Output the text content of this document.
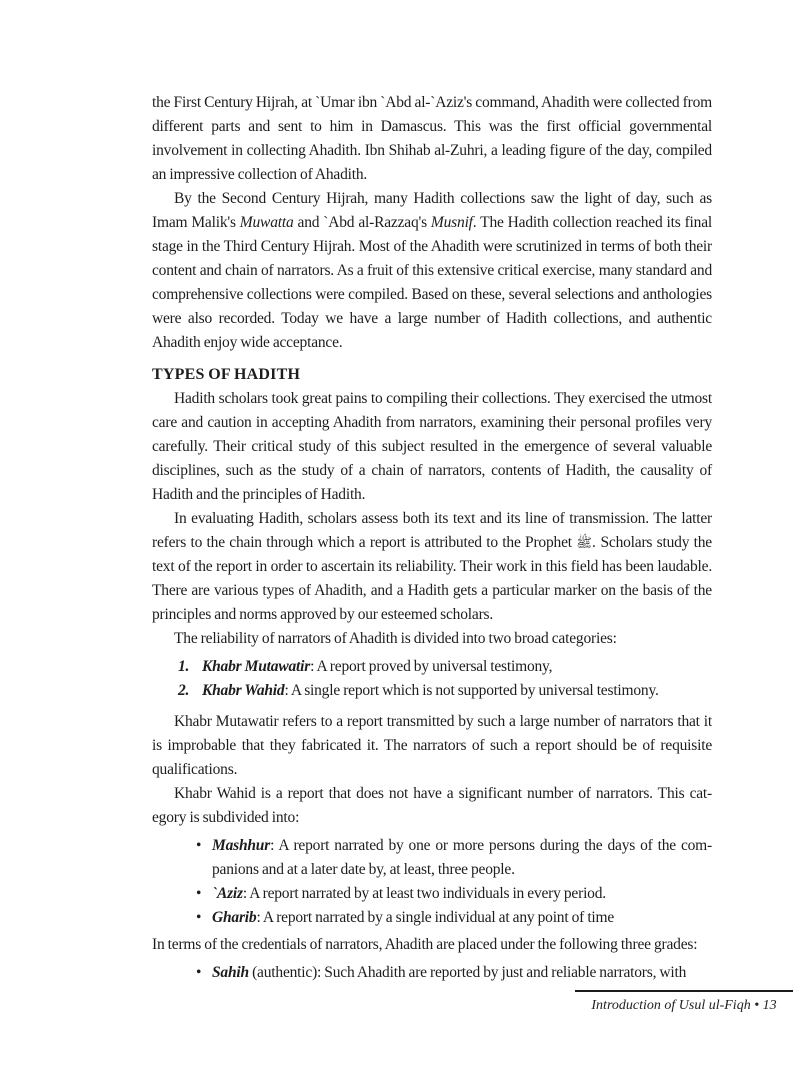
the First Century Hijrah, at `Umar ibn `Abd al-`Aziz's command, Ahadith were collected from different parts and sent to him in Damascus. This was the first official governmental involvement in collecting Ahadith. Ibn Shihab al-Zuhri, a leading figure of the day, compiled an impressive collection of Ahadith.

By the Second Century Hijrah, many Hadith collections saw the light of day, such as Imam Malik's Muwatta and `Abd al-Razzaq's Musnif. The Hadith collection reached its final stage in the Third Century Hijrah. Most of the Ahadith were scrutinized in terms of both their content and chain of narrators. As a fruit of this extensive critical exercise, many standard and comprehensive collections were compiled. Based on these, several selections and anthologies were also recorded. Today we have a large number of Hadith collections, and authentic Ahadith enjoy wide acceptance.

TYPES OF HADITH

Hadith scholars took great pains to compiling their collections. They exercised the utmost care and caution in accepting Ahadith from narrators, examining their personal profiles very carefully. Their critical study of this subject resulted in the emergence of several valuable disciplines, such as the study of a chain of narrators, contents of Hadith, the causality of Hadith and the principles of Hadith.

In evaluating Hadith, scholars assess both its text and its line of transmission. The latter refers to the chain through which a report is attributed to the Prophet ﷺ. Scholars study the text of the report in order to ascertain its reliability. Their work in this field has been laudable. There are various types of Ahadith, and a Hadith gets a particular marker on the basis of the principles and norms approved by our esteemed scholars.

The reliability of narrators of Ahadith is divided into two broad categories:

1. Khabr Mutawatir: A report proved by universal testimony,
2. Khabr Wahid: A single report which is not supported by universal testimony.

Khabr Mutawatir refers to a report transmitted by such a large number of narrators that it is improbable that they fabricated it. The narrators of such a report should be of requisite qualifications.

Khabr Wahid is a report that does not have a significant number of narrators. This cat-egory is subdivided into:

• Mashhur: A report narrated by one or more persons during the days of the com-panions and at a later date by, at least, three people.
• `Aziz: A report narrated by at least two individuals in every period.
• Gharib: A report narrated by a single individual at any point of time

In terms of the credentials of narrators, Ahadith are placed under the following three grades:

• Sahih (authentic): Such Ahadith are reported by just and reliable narrators, with
Introduction of Usul ul-Fiqh • 13
